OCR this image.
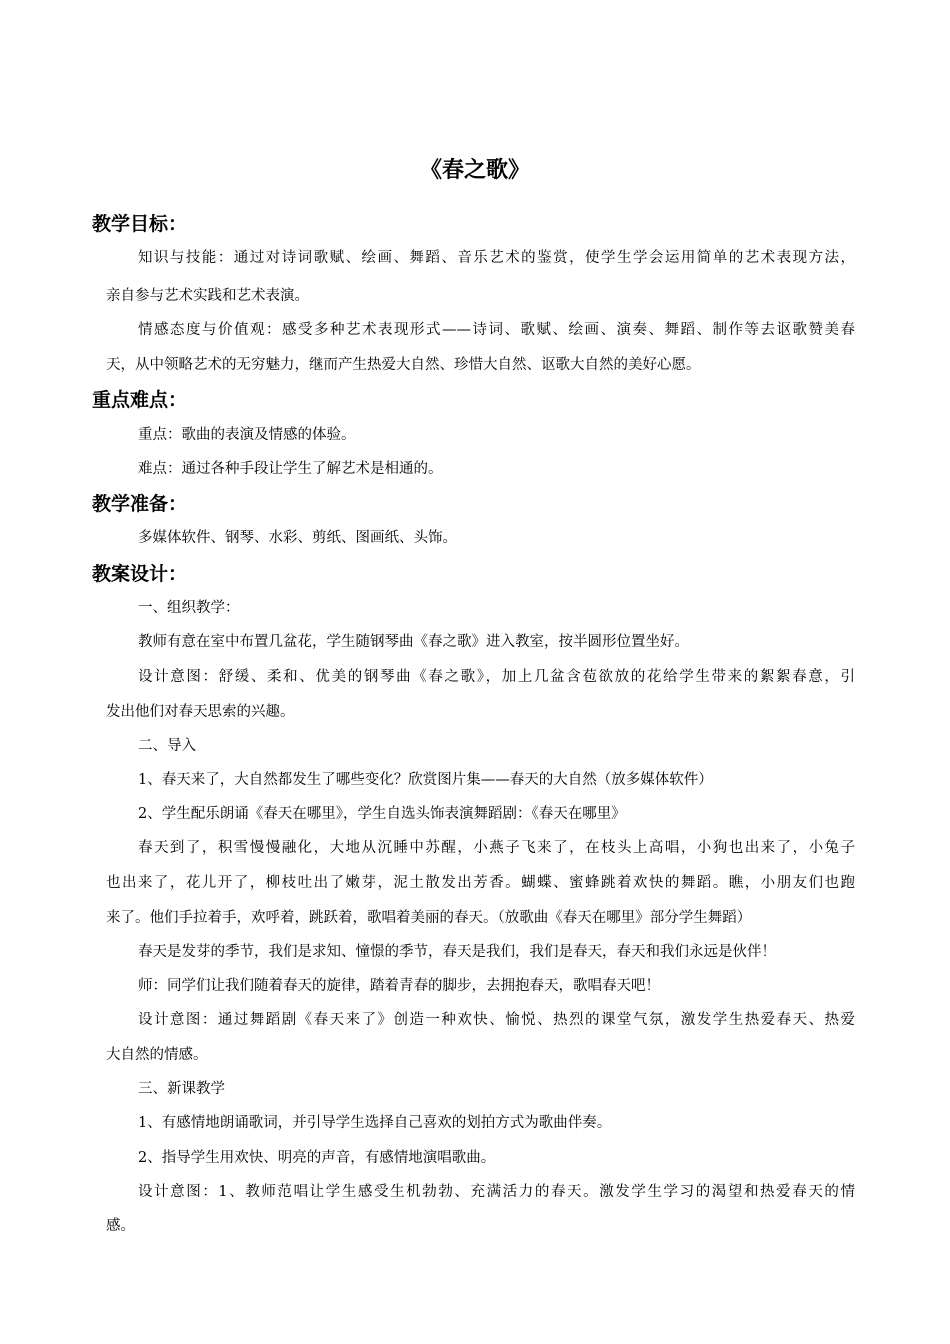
《春之歌》
教学目标：
知识与技能：通过对诗词歌赋、绘画、舞蹈、音乐艺术的鉴赏，使学生学会运用简单的艺术表现方法，
亲自参与艺术实践和艺术表演。
情感态度与价值观：感受多种艺术表现形式——诗词、歌赋、绘画、演奏、舞蹈、制作等去讴歌赞美春
天，从中领略艺术的无穷魅力，继而产生热爱大自然、珍惜大自然、讴歌大自然的美好心愿。
重点难点：
重点：歌曲的表演及情感的体验。
难点：通过各种手段让学生了解艺术是相通的。
教学准备：
多媒体软件、钢琴、水彩、剪纸、图画纸、头饰。
教案设计：
一、组织教学：
教师有意在室中布置几盆花，学生随钢琴曲《春之歌》进入教室，按半圆形位置坐好。
设计意图：舒缓、柔和、优美的钢琴曲《春之歌》，加上几盆含苞欲放的花给学生带来的絮絮春意，引
发出他们对春天思索的兴趣。
二、导入
1、春天来了，大自然都发生了哪些变化？欣赏图片集——春天的大自然（放多媒体软件）
2、学生配乐朗诵《春天在哪里》，学生自选头饰表演舞蹈剧：《春天在哪里》
春天到了，积雪慢慢融化，大地从沉睡中苏醒，小燕子飞来了，在枝头上高唱，小狗也出来了，小兔子
也出来了，花儿开了，柳枝吐出了嫩芽，泥土散发出芳香。蝴蝶、蜜蜂跳着欢快的舞蹈。瞧，小朋友们也跑
来了。他们手拉着手，欢呼着，跳跃着，歌唱着美丽的春天。（放歌曲《春天在哪里》部分学生舞蹈）
春天是发芽的季节，我们是求知、憧憬的季节，春天是我们，我们是春天，春天和我们永远是伙伴！
师：同学们让我们随着春天的旋律，踏着青春的脚步，去拥抱春天，歌唱春天吧！
设计意图：通过舞蹈剧《春天来了》创造一种欢快、愉悦、热烈的课堂气氛，激发学生热爱春天、热爱
大自然的情感。
三、新课教学
1、有感情地朗诵歌词，并引导学生选择自己喜欢的划拍方式为歌曲伴奏。
2、指导学生用欢快、明亮的声音，有感情地演唱歌曲。
设计意图：1、教师范唱让学生感受生机勃勃、充满活力的春天。激发学生学习的渴望和热爱春天的情
感。
